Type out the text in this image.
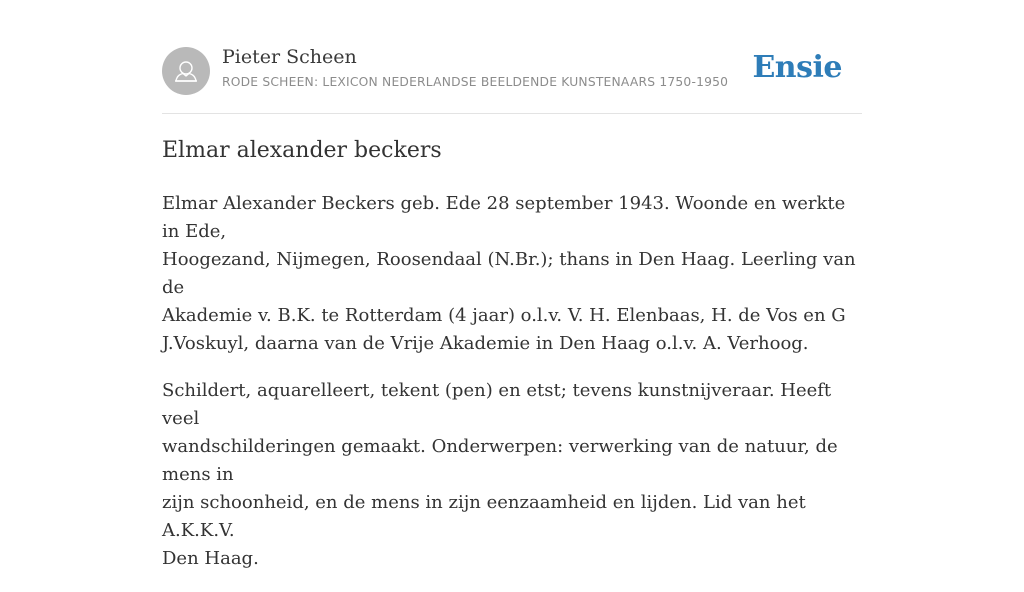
Pieter Scheen
RODE SCHEEN: LEXICON NEDERLANDSE BEELDENDE KUNSTENAARS 1750-1950 Ensie
Elmar alexander beckers

Elmar Alexander Beckers geb. Ede 28 september 1943. Woonde en werkte in Ede,
Hoogezand, Nijmegen, Roosendaal (N.Br.); thans in Den Haag. Leerling van de
Akademie v. B.K. te Rotterdam (4 jaar) o.l.v. V. H. Elenbaas, H. de Vos en G
J.Voskuyl, daarna van de Vrije Akademie in Den Haag o.l.v. A. Verhoog.

Schildert, aquarelleert, tekent (pen) en etst; tevens kunstnijveraar. Heeft veel
wandschilderingen gemaakt. Onderwerpen: verwerking van de natuur, de mens in
zijn schoonheid, en de mens in zijn eenzaamheid en lijden. Lid van het A.K.K.V.
Den Haag.
